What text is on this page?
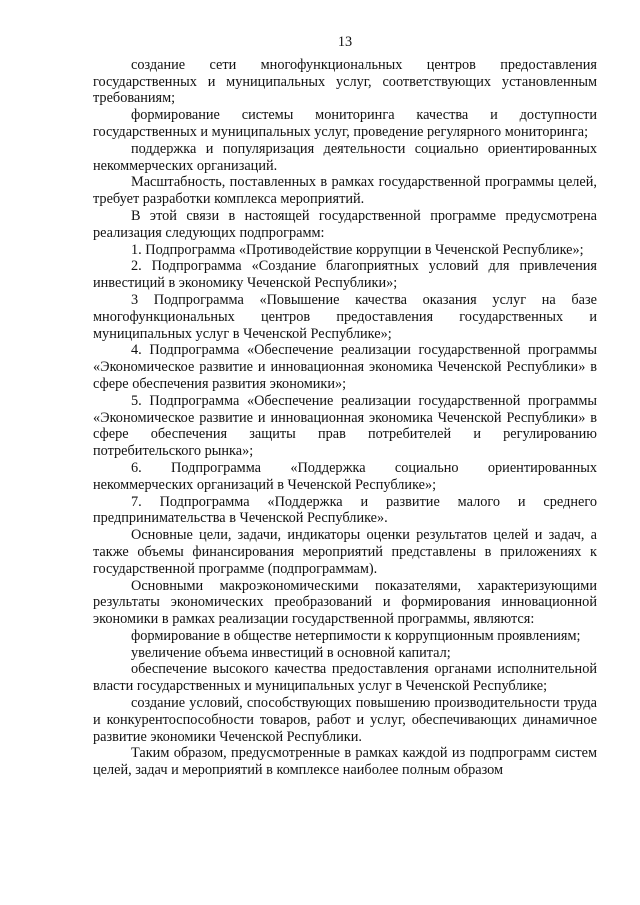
13

создание сети многофункциональных центров предоставления государственных и муниципальных услуг, соответствующих установленным требованиям;

формирование системы мониторинга качества и доступности государственных и муниципальных услуг, проведение регулярного мониторинга;

поддержка и популяризация деятельности социально ориентированных некоммерческих организаций.

Масштабность, поставленных в рамках государственной программы целей, требует разработки комплекса мероприятий.

В этой связи в настоящей государственной программе предусмотрена реализация следующих подпрограмм:

1. Подпрограмма «Противодействие коррупции в Чеченской Республике»;

2. Подпрограмма «Создание благоприятных условий для привлечения инвестиций в экономику Чеченской Республики»;

3 Подпрограмма «Повышение качества оказания услуг на базе многофункциональных центров предоставления государственных и муниципальных услуг в Чеченской Республике»;

4. Подпрограмма «Обеспечение реализации государственной программы «Экономическое развитие и инновационная экономика Чеченской Республики» в сфере обеспечения развития экономики»;

5. Подпрограмма «Обеспечение реализации государственной программы «Экономическое развитие и инновационная экономика Чеченской Республики» в сфере обеспечения защиты прав потребителей и регулированию потребительского рынка»;

6. Подпрограмма «Поддержка социально ориентированных некоммерческих организаций в Чеченской Республике»;

7. Подпрограмма «Поддержка и развитие малого и среднего предпринимательства в Чеченской Республике».

Основные цели, задачи, индикаторы оценки результатов целей и задач, а также объемы финансирования мероприятий представлены в приложениях к государственной программе (подпрограммам).

Основными макроэкономическими показателями, характеризующими результаты экономических преобразований и формирования инновационной экономики в рамках реализации государственной программы, являются:

формирование в обществе нетерпимости к коррупционным проявлениям;

увеличение объема инвестиций в основной капитал;

обеспечение высокого качества предоставления органами исполнительной власти государственных и муниципальных услуг в Чеченской Республике;

создание условий, способствующих повышению производительности труда и конкурентоспособности товаров, работ и услуг, обеспечивающих динамичное развитие экономики Чеченской Республики.

Таким образом, предусмотренные в рамках каждой из подпрограмм систем целей, задач и мероприятий в комплексе наиболее полным образом
